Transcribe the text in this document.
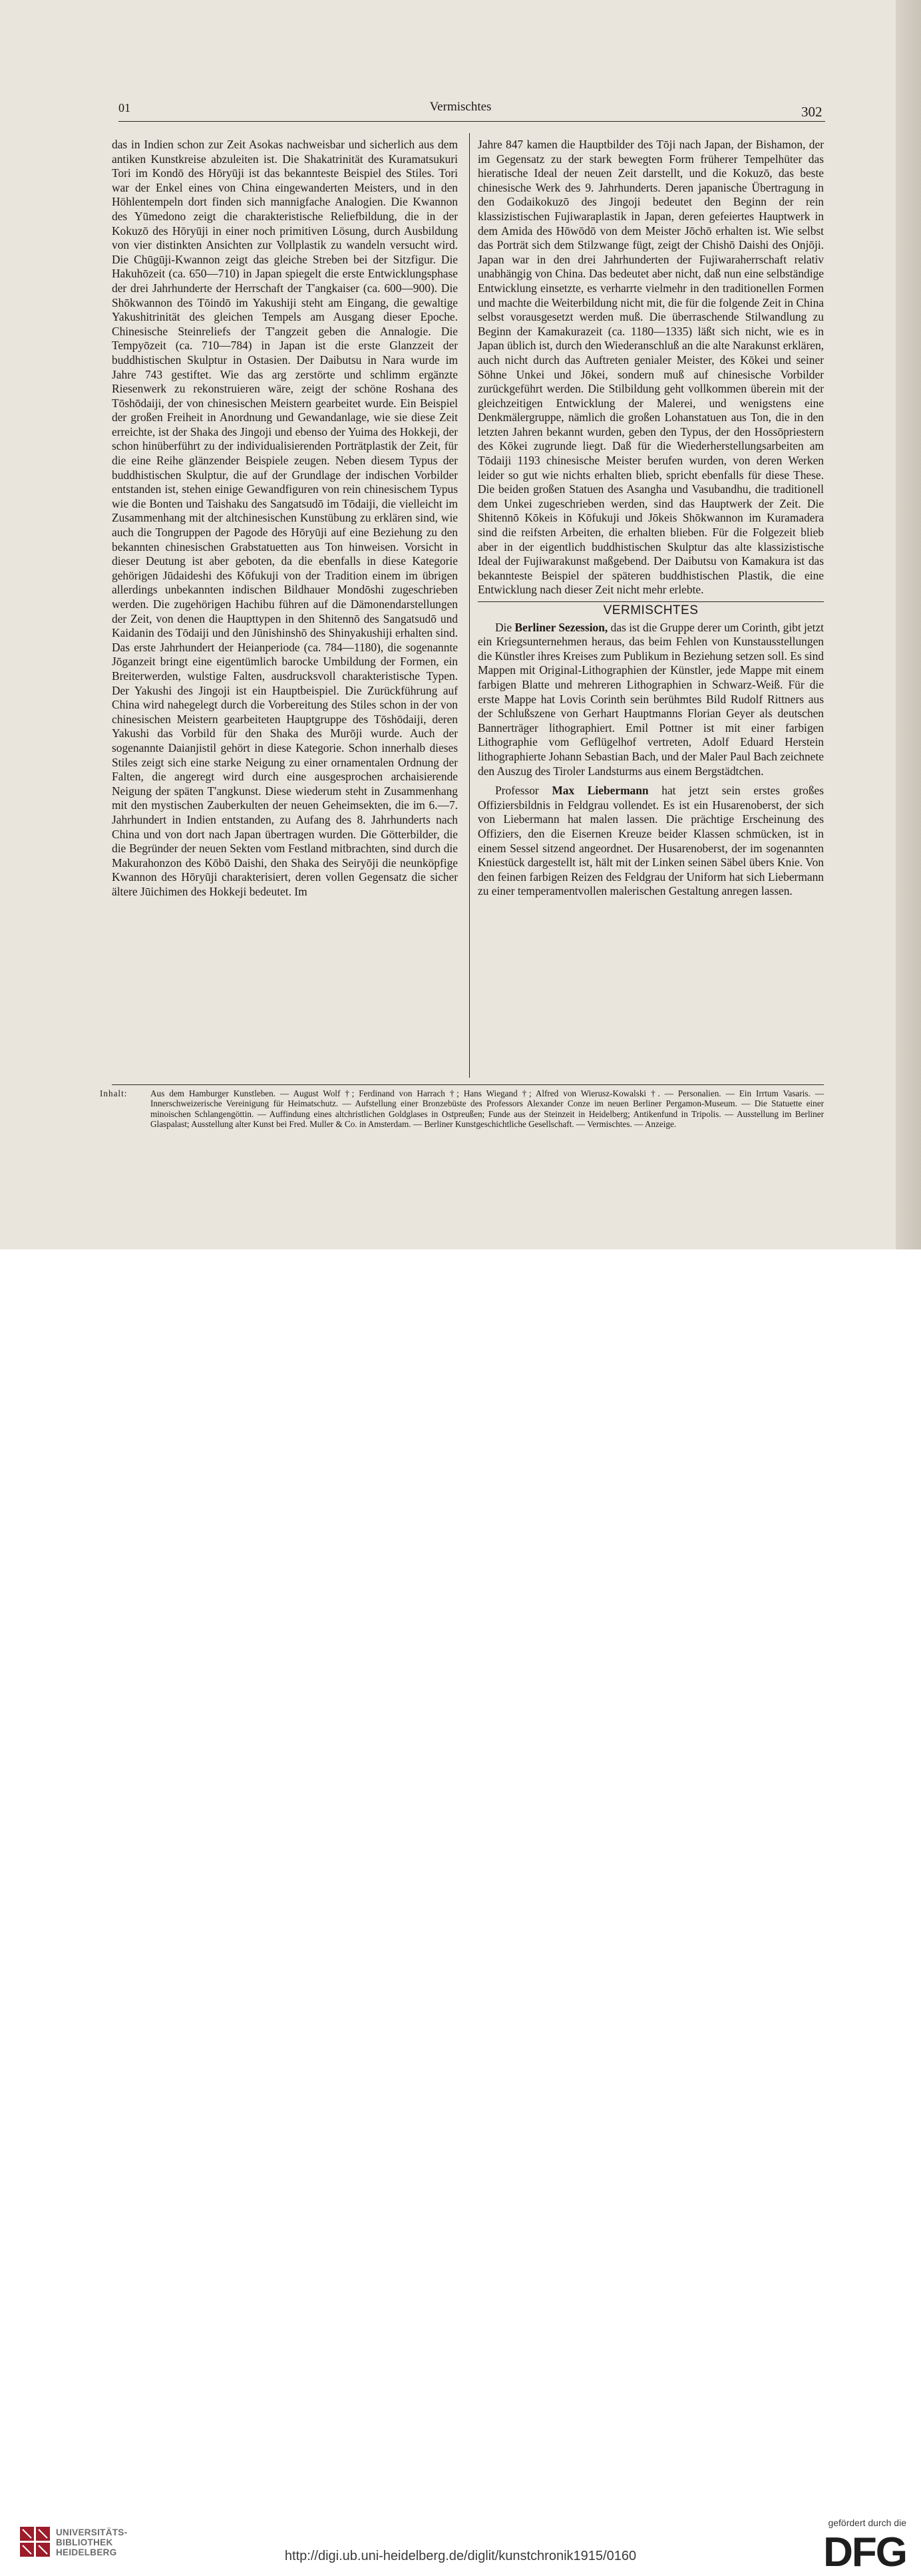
01	Vermischtes	302

das in Indien schon zur Zeit Asokas nachweisbar und sicherlich aus dem antiken Kunstkreise abzuleiten ist. Die Shakatrinität des Kuramatsukuri Tori im Kondō des Hōryūji ist das bekannteste Beispiel des Stiles. Tori war der Enkel eines von China eingewanderten Meisters, und in den Höhlentempeln dort finden sich mannigfache Analogien. Die Kwannon des Yūmedono zeigt die charakteristische Reliefbildung, die in der Kokuzō des Hōryūji in einer noch primitiven Lösung, durch Ausbildung von vier distinkten Ansichten zur Vollplastik zu wandeln versucht wird. Die Chūgūji-Kwannon zeigt das gleiche Streben bei der Sitzfigur. Die Hakuhōzeit (ca. 650—710) in Japan spiegelt die erste Entwicklungsphase der drei Jahrhunderte der Herrschaft der T'angkaiser (ca. 600—900). Die Shōkwannon des Tōindō im Yakushiji steht am Eingang, die gewaltige Yakushitrinität des gleichen Tempels am Ausgang dieser Epoche. Chinesische Steinreliefs der T'angzeit geben die Annalogie. Die Tempyōzeit (ca. 710—784) in Japan ist die erste Glanzzeit der buddhistischen Skulptur in Ostasien. Der Daibutsu in Nara wurde im Jahre 743 gestiftet. Wie das arg zerstörte und schlimm ergänzte Riesenwerk zu rekonstruieren wäre, zeigt der schöne Roshana des Tōshōdaiji, der von chinesischen Meistern gearbeitet wurde. Ein Beispiel der großen Freiheit in Anordnung und Gewandanlage, wie sie diese Zeit erreichte, ist der Shaka des Jingoji und ebenso der Yuima des Hokkeji, der schon hinüberführt zu der individualisierenden Porträtplastik der Zeit, für die eine Reihe glänzender Beispiele zeugen. Neben diesem Typus der buddhistischen Skulptur, die auf der Grundlage der indischen Vorbilder entstanden ist, stehen einige Gewandfiguren von rein chinesischem Typus wie die Bonten und Taishaku des Sangatsudō im Tōdaiji, die vielleicht im Zusammenhang mit der altchinesischen Kunstübung zu erklären sind, wie auch die Tongruppen der Pagode des Hōryūji auf eine Beziehung zu den bekannten chinesischen Grabstatuetten aus Ton hinweisen. Vorsicht in dieser Deutung ist aber geboten, da die ebenfalls in diese Kategorie gehörigen Jūdaideshi des Kōfukuji von der Tradition einem im übrigen allerdings unbekannten indischen Bildhauer Mondōshi zugeschrieben werden. Die zugehörigen Hachibu führen auf die Dämonendarstellungen der Zeit, von denen die Haupttypen in den Shitennō des Sangatsudō und Kaidanin des Tōdaiji und den Jūnishinshō des Shinyakushiji erhalten sind. Das erste Jahrhundert der Heianperiode (ca. 784—1180), die sogenannte Jōganzeit bringt eine eigentümlich barocke Umbildung der Formen, ein Breiterwerden, wulstige Falten, ausdrucksvoll charakteristische Typen. Der Yakushi des Jingoji ist ein Hauptbeispiel. Die Zurückführung auf China wird nahegelegt durch die Vorbereitung des Stiles schon in der von chinesischen Meistern gearbeiteten Hauptgruppe des Tōshōdaiji, deren Yakushi das Vorbild für den Shaka des Murōji wurde. Auch der sogenannte Daianjistil gehört in diese Kategorie. Schon innerhalb dieses Stiles zeigt sich eine starke Neigung zu einer ornamentalen Ordnung der Falten, die angeregt wird durch eine ausgesprochen archaisierende Neigung der späten T'angkunst. Diese wiederum steht in Zusammenhang mit den mystischen Zauberkulten der neuen Geheimsekten, die im 6.—7. Jahrhundert in Indien entstanden, zu Aufang des 8. Jahrhunderts nach China und von dort nach Japan übertragen wurden. Die Götterbilder, die die Begründer der neuen Sekten vom Festland mitbrachten, sind durch die Makurahonzon des Kōbō Daishi, den Shaka des Seiryōji die neunköpfige Kwannon des Hōryūji charakterisiert, deren vollen Gegensatz die sicher ältere Jūichimen des Hokkeji bedeutet. Im

Jahre 847 kamen die Hauptbilder des Tōji nach Japan, der Bishamon, der im Gegensatz zu der stark bewegten Form früherer Tempelhüter das hieratische Ideal der neuen Zeit darstellt, und die Kokuzō, das beste chinesische Werk des 9. Jahrhunderts. Deren japanische Übertragung in den Godaikokuzō des Jingoji bedeutet den Beginn der rein klassizistischen Fujiwaraplastik in Japan, deren gefeiertes Hauptwerk in dem Amida des Hōwōdō von dem Meister Jōchō erhalten ist. Wie selbst das Porträt sich dem Stilzwange fügt, zeigt der Chishō Daishi des Onjōji. Japan war in den drei Jahrhunderten der Fujiwaraherrschaft relativ unabhängig von China. Das bedeutet aber nicht, daß nun eine selbständige Entwicklung einsetzte, es verharrte vielmehr in den traditionellen Formen und machte die Weiterbildung nicht mit, die für die folgende Zeit in China selbst vorausgesetzt werden muß. Die überraschende Stilwandlung zu Beginn der Kamakurazeit (ca. 1180—1335) läßt sich nicht, wie es in Japan üblich ist, durch den Wiederanschluß an die alte Narakunst erklären, auch nicht durch das Auftreten genialer Meister, des Kōkei und seiner Söhne Unkei und Jōkei, sondern muß auf chinesische Vorbilder zurückgeführt werden. Die Stilbildung geht vollkommen überein mit der gleichzeitigen Entwicklung der Malerei, und wenigstens eine Denkmälergruppe, nämlich die großen Lohanstatuen aus Ton, die in den letzten Jahren bekannt wurden, geben den Typus, der den Hossōpriestern des Kōkei zugrunde liegt. Daß für die Wiederherstellungsarbeiten am Tōdaiji 1193 chinesische Meister berufen wurden, von deren Werken leider so gut wie nichts erhalten blieb, spricht ebenfalls für diese These. Die beiden großen Statuen des Asangha und Vasubandhu, die traditionell dem Unkei zugeschrieben werden, sind das Hauptwerk der Zeit. Die Shitennō Kōkeis in Kōfukuji und Jōkeis Shōkwannon im Kuramadera sind die reifsten Arbeiten, die erhalten blieben. Für die Folgezeit blieb aber in der eigentlich buddhistischen Skulptur das alte klassizistische Ideal der Fujiwarakunst maßgebend. Der Daibutsu von Kamakura ist das bekannteste Beispiel der späteren buddhistischen Plastik, die eine Entwicklung nach dieser Zeit nicht mehr erlebte.

VERMISCHTES

Die Berliner Sezession, das ist die Gruppe derer um Corinth, gibt jetzt ein Kriegsunternehmen heraus, das beim Fehlen von Kunstausstellungen die Künstler ihres Kreises zum Publikum in Beziehung setzen soll. Es sind Mappen mit Original-Lithographien der Künstler, jede Mappe mit einem farbigen Blatte und mehreren Lithographien in Schwarz-Weiß. Für die erste Mappe hat Lovis Corinth sein berühmtes Bild Rudolf Rittners aus der Schlußszene von Gerhart Hauptmanns Florian Geyer als deutschen Bannerträger lithographiert. Emil Pottner ist mit einer farbigen Lithographie vom Geflügelhof vertreten, Adolf Eduard Herstein lithographierte Johann Sebastian Bach, und der Maler Paul Bach zeichnete den Auszug des Tiroler Landsturms aus einem Bergstädtchen.

Professor Max Liebermann hat jetzt sein erstes großes Offiziersbildnis in Feldgrau vollendet. Es ist ein Husarenoberst, der sich von Liebermann hat malen lassen. Die prächtige Erscheinung des Offiziers, den die Eisernen Kreuze beider Klassen schmücken, ist in einem Sessel sitzend angeordnet. Der Husarenoberst, der im sogenannten Kniestück dargestellt ist, hält mit der Linken seinen Säbel übers Knie. Von den feinen farbigen Reizen des Feldgrau der Uniform hat sich Liebermann zu einer temperamentvollen malerischen Gestaltung anregen lassen.

Inhalt:	Aus dem Hamburger Kunstleben. — August Wolf †; Ferdinand von Harrach †; Hans Wiegand †; Alfred von Wierusz-Kowalski †. — Personalien. — Ein Irrtum Vasaris. — Innerschweizerische Vereinigung für Heimatschutz. — Aufstellung einer Bronzebüste des Professors Alexander Conze im neuen Berliner Pergamon-Museum. — Die Statuette einer minoischen Schlangengöttin. — Auffindung eines altchristlichen Goldglases in Ostpreußen; Funde aus der Steinzeit in Heidelberg; Antikenfund in Tripolis. — Ausstellung im Berliner Glaspalast; Ausstellung alter Kunst bei Fred. Muller & Co. in Amsterdam. — Berliner Kunstgeschichtliche Gesellschaft. — Vermischtes. — Anzeige.
UNIVERSITÄTS-
BIBLIOTHEK
HEIDELBERG	http://digi.ub.uni-heidelberg.de/diglit/kunstchronik1915/0160
gefördert durch die
DFG
